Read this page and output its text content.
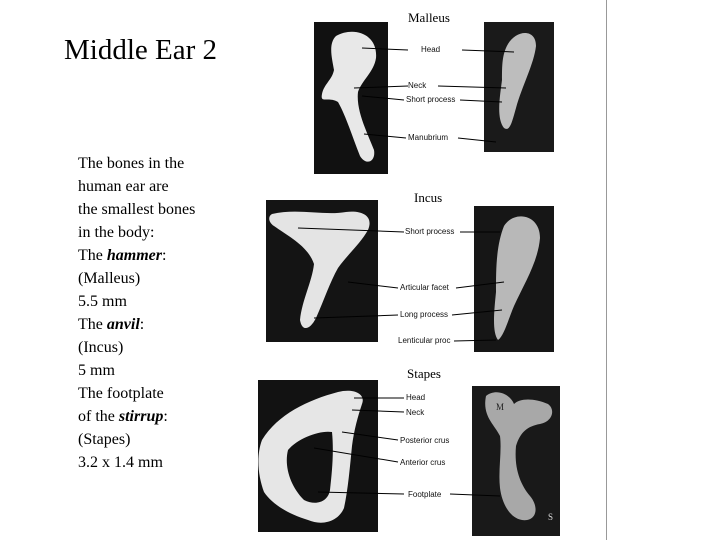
Middle Ear 2
The bones in the
human ear are
the smallest bones
in the body:
The hammer:
(Malleus)
5.5 mm
The anvil:
(Incus)
5 mm
The footplate
of the stirrup:
(Stapes)
3.2 x 1.4 mm
Malleus
Head
Neck
Short process
Manubrium
Incus
Short process
Articular facet
Long process
Lenticular proc
Stapes
Head
Neck
Posterior crus
Anterior crus
Footplate
M
S
